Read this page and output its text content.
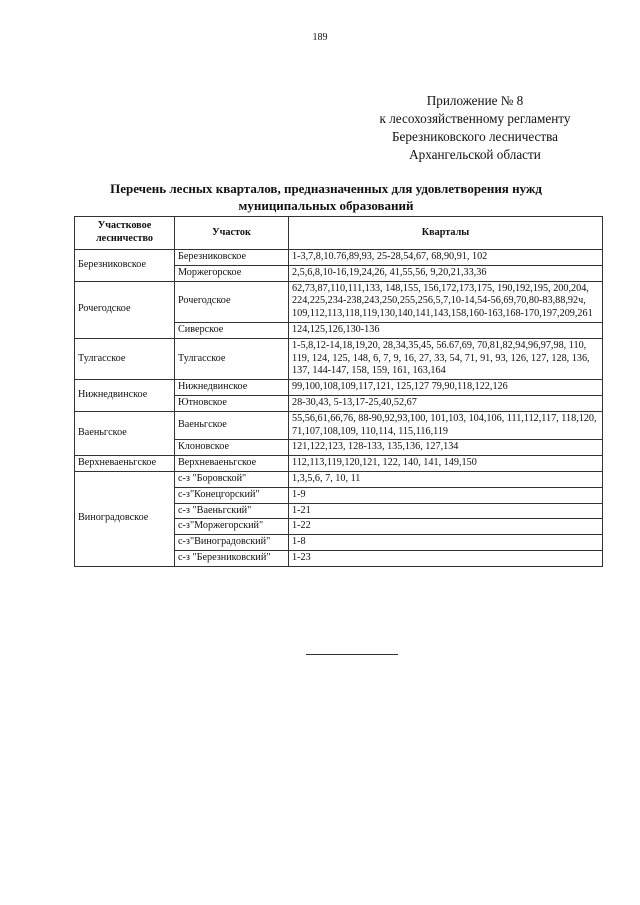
189
Приложение № 8
к лесохозяйственному регламенту
Березниковского лесничества
Архангельской области
Перечень лесных кварталов, предназначенных для удовлетворения нужд
муниципальных образований
Участковое лесничество	Участок	Кварталы
Березниковское	Березниковское	1-3,7,8,10.76,89,93, 25-28,54,67, 68,90,91, 102
	Моржегорское	2,5,6,8,10-16,19,24,26, 41,55,56, 9,20,21,33,36
Рочегодское	Рочегодское	62,73,87,110,111,133, 148,155, 156,172,173,175, 190,192,195, 200,204, 224,225,234-238,243,250,255,256,5,7,10-14,54-56,69,70,80-83,88,92ч, 109,112,113,118,119,130,140,141,143,158,160-163,168-170,197,209,261
	Сиверское	124,125,126,130-136
Тулгасское	Тулгасское	1-5,8,12-14,18,19,20, 28,34,35,45, 56.67,69, 70,81,82,94,96,97,98, 110, 119, 124, 125, 148, 6, 7, 9, 16, 27, 33, 54, 71, 91, 93, 126, 127, 128, 136, 137, 144-147, 158, 159, 161, 163,164
Нижнедвинское	Нижнедвинское	99,100,108,109,117,121, 125,127 79,90,118,122,126
	Ютновское	28-30,43, 5-13,17-25,40,52,67
Ваеньгское	Ваеньгское	55,56,61,66,76, 88-90,92,93,100, 101,103, 104,106, 111,112,117, 118,120, 71,107,108,109, 110,114, 115,116,119
	Клоновское	121,122,123, 128-133, 135,136, 127,134
Верхневаеньгское	Верхневаеньгское	112,113,119,120,121, 122, 140, 141, 149,150
Виноградовское	с-з "Боровской"	1,3,5,6, 7, 10, 11
	с-з"Конецгорский"	1-9
	с-з "Ваеньгский"	1-21
	с-з"Моржегорский"	1-22
	с-з"Виноградовский"	1-8
	с-з "Березниковский"	1-23
